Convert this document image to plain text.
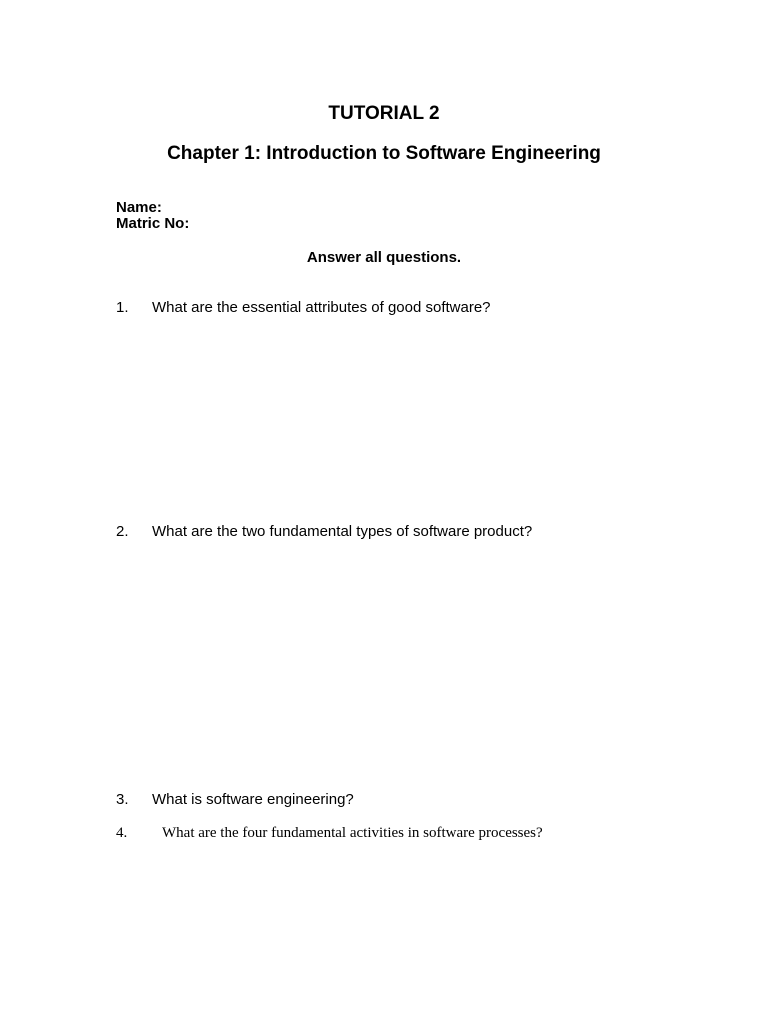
TUTORIAL 2
Chapter 1: Introduction to Software Engineering
Name:
Matric No:
Answer all questions.
1. What are the essential attributes of good software?
2. What are the two fundamental types of software product?
3. What is software engineering?
4. What are the four fundamental activities in software processes?
